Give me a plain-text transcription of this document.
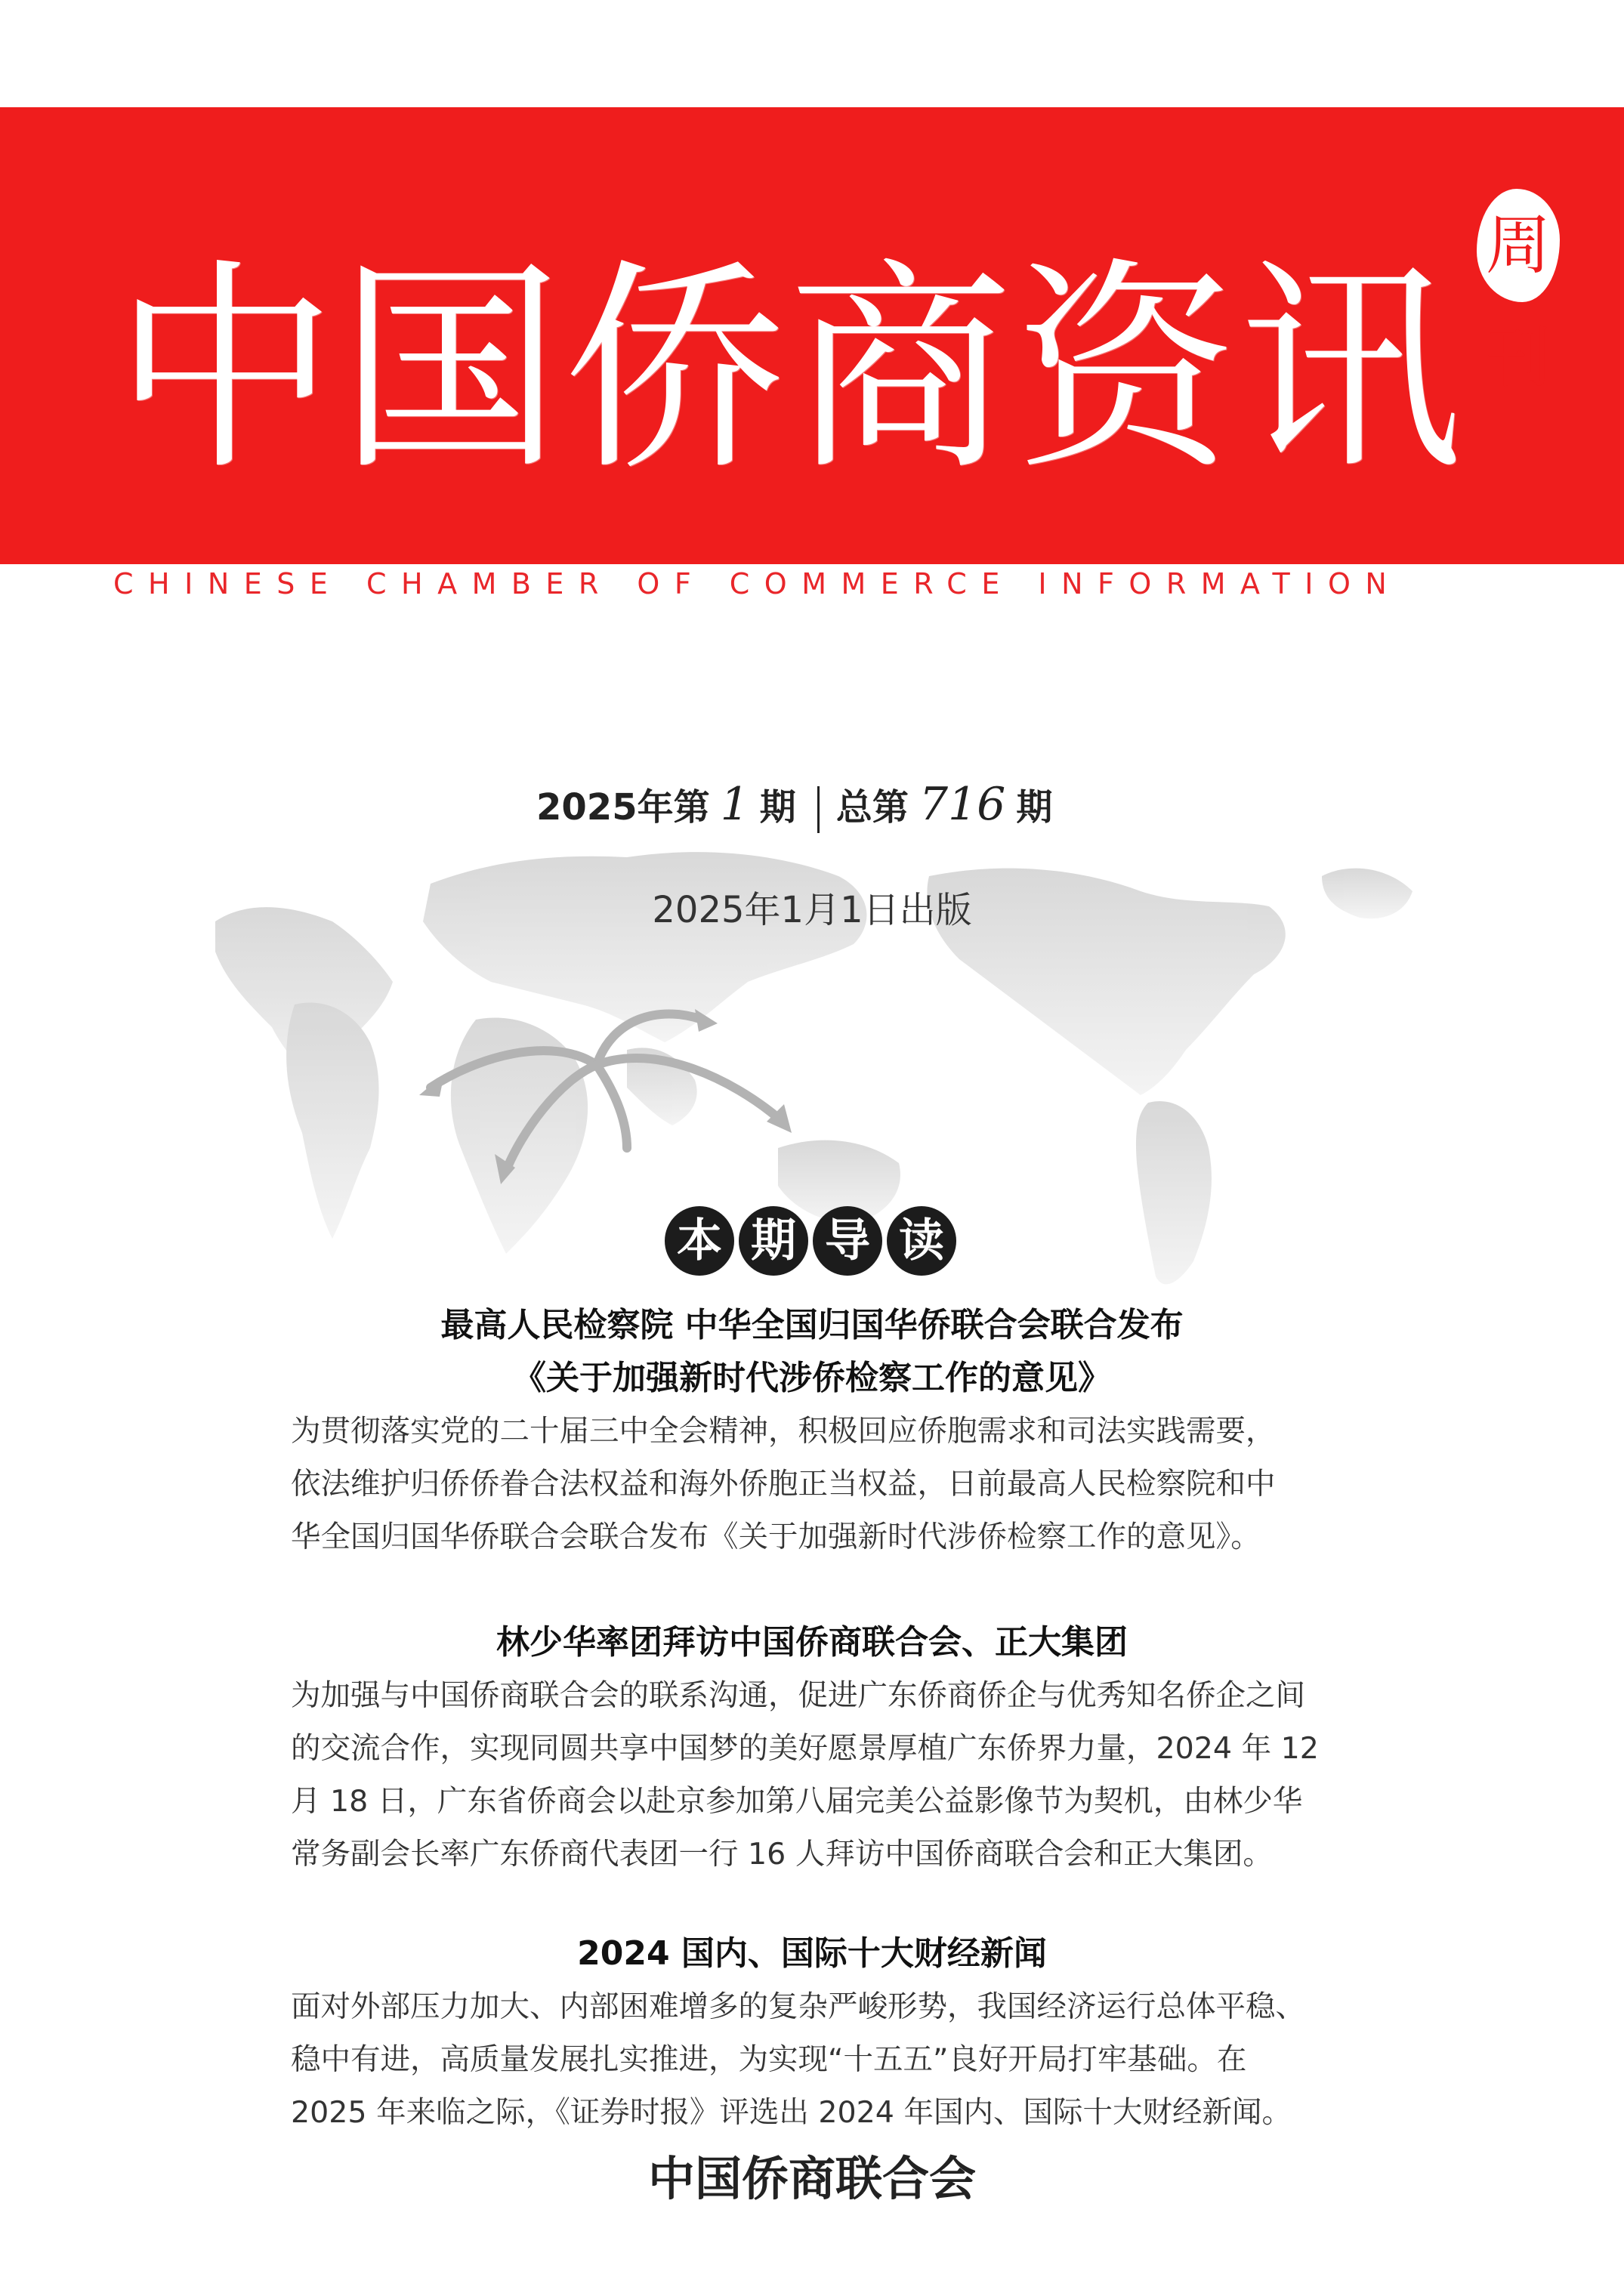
中国侨商资讯 周刊
CHINESE CHAMBER OF COMMERCE INFORMATION
2025年第 1 期 总第 716 期
2025年1月1日出版
本 期 导 读
最高人民检察院 中华全国归国华侨联合会联合发布
《关于加强新时代涉侨检察工作的意见》
为贯彻落实党的二十届三中全会精神，积极回应侨胞需求和司法实践需要，
依法维护归侨侨眷合法权益和海外侨胞正当权益，日前最高人民检察院和中
华全国归国华侨联合会联合发布《关于加强新时代涉侨检察工作的意见》。
林少华率团拜访中国侨商联合会、正大集团
为加强与中国侨商联合会的联系沟通，促进广东侨商侨企与优秀知名侨企之间
的交流合作，实现同圆共享中国梦的美好愿景厚植广东侨界力量，2024 年 12
月 18 日，广东省侨商会以赴京参加第八届完美公益影像节为契机，由林少华
常务副会长率广东侨商代表团一行 16 人拜访中国侨商联合会和正大集团。
2024 国内、国际十大财经新闻
面对外部压力加大、内部困难增多的复杂严峻形势，我国经济运行总体平稳、
稳中有进，高质量发展扎实推进，为实现“十五五”良好开局打牢基础。在
2025 年来临之际，《证券时报》评选出 2024 年国内、国际十大财经新闻。
中国侨商联合会
